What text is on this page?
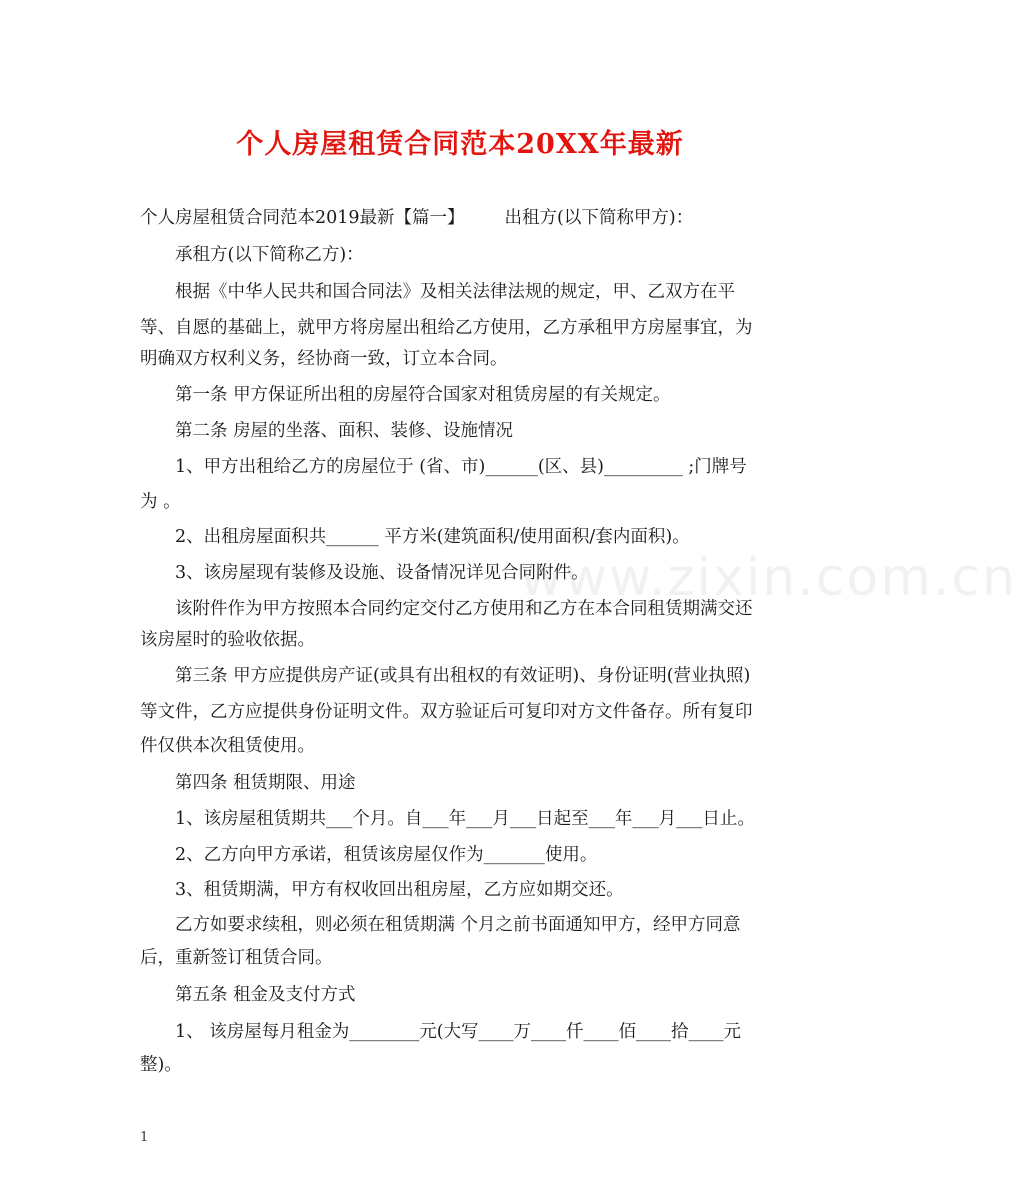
个人房屋租赁合同范本20XX年最新
个人房屋租赁合同范本2019最新【篇一】 出租方(以下简称甲方)：
承租方(以下简称乙方)：
根据《中华人民共和国合同法》及相关法律法规的规定，甲、乙双方在平
等、自愿的基础上，就甲方将房屋出租给乙方使用，乙方承租甲方房屋事宜，为
明确双方权利义务，经协商一致，订立本合同。
第一条 甲方保证所出租的房屋符合国家对租赁房屋的有关规定。
第二条 房屋的坐落、面积、装修、设施情况
1、甲方出租给乙方的房屋位于 (省、市)______(区、县)_________ ;门牌号
为 。
2、出租房屋面积共______ 平方米(建筑面积/使用面积/套内面积)。
3、该房屋现有装修及设施、设备情况详见合同附件。
该附件作为甲方按照本合同约定交付乙方使用和乙方在本合同租赁期满交还
该房屋时的验收依据。
第三条 甲方应提供房产证(或具有出租权的有效证明)、身份证明(营业执照)
等文件，乙方应提供身份证明文件。双方验证后可复印对方文件备存。所有复印
件仅供本次租赁使用。
第四条 租赁期限、用途
1、该房屋租赁期共___个月。自___年___月___日起至___年___月___日止。
2、乙方向甲方承诺，租赁该房屋仅作为_______使用。
3、租赁期满，甲方有权收回出租房屋，乙方应如期交还。
乙方如要求续租，则必须在租赁期满 个月之前书面通知甲方，经甲方同意
后，重新签订租赁合同。
第五条 租金及支付方式
1、 该房屋每月租金为________元(大写____万____仟____佰____拾____元
整)。
www.zixin.com.cn
1
